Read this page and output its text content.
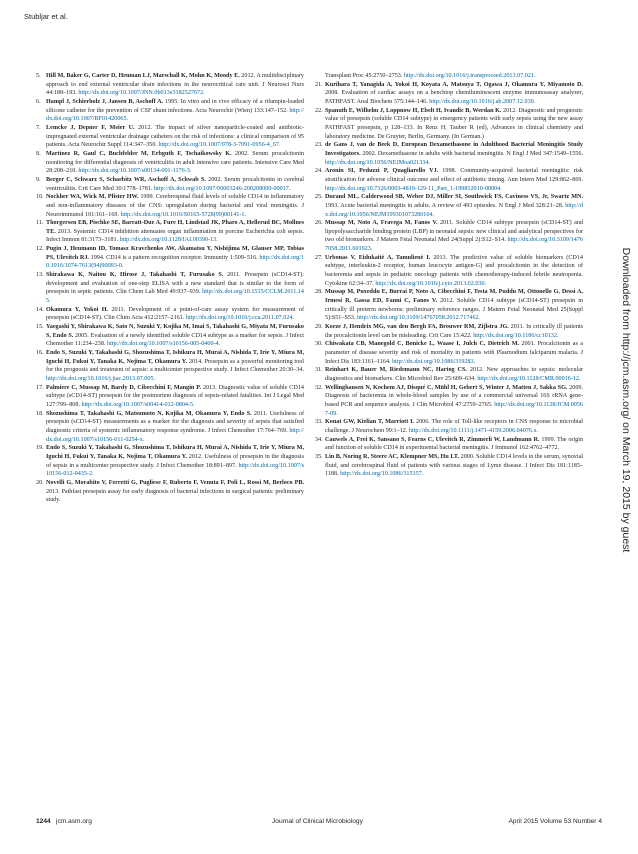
Stubljar et al.

5. Hill M, Baker G, Carter D, Henman LJ, Marschall K, Mohn K, Moody E. 2012. A multidisciplinary approach to end external ventricular drain infections in the neurocritical care unit. J Neurosci Nurs 44:188–193. http://dx.doi.org/10.1097/JNN.0b013e3182527672.

6. Hampl J, Schierholz J, Jansen B, Aschoff A. 1995. In vitro and in vivo efficacy of a rifampin-loaded silicone catheter for the prevention of CSF shunt infections. Acta Neurochir (Wien) 133:147–152. http://dx.doi.org/10.1007/BF01420065.

7. Lemcke J, Depner F, Meier U. 2012. The impact of silver nanoparticle-coated and antibiotic-impregnated external ventricular drainage catheters on the risk of infections: a clinical comparison of 95 patients. Acta Neurochir Suppl 114:347–350. http://dx.doi.org/10.1007/978-3-7091-0956-4_67.

8. Martínez R, Gaul C, Buchfelder M, Erbguth F, Tschaikowsky K. 2002. Serum procalcitonin monitoring for differential diagnosis of ventriculitis in adult intensive care patients. Intensive Care Med 28:208–210. http://dx.doi.org/10.1007/s00134-001-1176-3.

9. Berger C, Schwarz S, Schaebitz WR, Aschoff A, Schwab S. 2002. Serum procalcitonin in cerebral ventriculitis. Crit Care Med 30:1778–1781. http://dx.doi.org/10.1097/00003246-200208000-00017.

10. Nockher WA, Wick M, Pfister HW. 1999. Cerebrospinal fluid levels of soluble CD14 in inflammatory and non-inflammatory diseases of the CNS: upregulation during bacterial and viral meningitis. J Neuroimmunol 101:161–169. http://dx.doi.org/10.1016/S0165-5728(99)00141-1.

11. Thorgersen EB, Pischke SE, Barratt-Due A, Fure H, Lindstad JK, Pharo A, Hellerud BC, Mollnes TE. 2013. Systemic CD14 inhibition attenuates organ inflammation in porcine Escherichia coli sepsis. Infect Immun 81:3173–3181. http://dx.doi.org/10.1128/IAI.00390-13.

12. Pugin J, Heumann ID, Tomasz Kravchenko AW, Akamatsu Y, Nishijima M, Glauser MP, Tobias PS, Ulevitch RJ. 1994. CD14 is a pattern recognition receptor. Immunity 1:509–516. http://dx.doi.org/10.1016/1074-7613(94)90093-0.

13. Shirakawa K, Naitou K, Hirose J, Takahashi T, Furusako S. 2011. Presepsin (sCD14-ST): development and evaluation of one-step ELISA with a new standard that is similar to the form of presepsin in septic patients. Clin Chem Lab Med 49:937–939. http://dx.doi.org/10.1515/CCLM.2011.145.

14. Okamura Y, Yokoi H. 2011. Development of a point-of-care assay system for measurement of presepsin (sCD14-ST). Clin Chim Acta 412:2157–2161. http://dx.doi.org/10.1016/j.cca.2011.07.024.

15. Yaegashi Y, Shirakawa K, Sato N, Suzuki Y, Kojika M, Imai S, Takahashi G, Miyata M, Furusako S, Endo S. 2005. Evaluation of a newly identified soluble CD14 subtype as a marker for sepsis. J Infect Chemother 11:234–238. http://dx.doi.org/10.1007/s10156-005-0400-4.

16. Endo S, Suzuki Y, Takahashi G, Shozushima T, Ishikura H, Murai A, Nishida T, Irie Y, Miura M, Iguchi H, Fukui Y, Tanaka K, Nojima T, Okamura Y. 2014. Presepsin as a powerful monitoring tool for the prognosis and treatment of sepsis: a multicenter prospective study. J Infect Chemother 20:30–34. http://dx.doi.org/10.1016/j.jiac.2013.07.005.

17. Palmiere C, Mussap M, Bardy D, Cibecchini F, Mangin P. 2013. Diagnostic value of soluble CD14 subtype (sCD14-ST) presepsin for the postmortem diagnosis of sepsis-related fatalities. Int J Legal Med 127:799–808. http://dx.doi.org/10.1007/s00414-012-0804-5.

18. Shozushima T, Takahashi G, Matsumoto N, Kojika M, Okamura Y, Endo S. 2011. Usefulness of presepsin (sCD14-ST) measurements as a marker for the diagnosis and severity of sepsis that satisfied diagnostic criteria of systemic inflammatory response syndrome. J Infect Chemother 17:764–769. http://dx.doi.org/10.1007/s10156-011-0254-x.

19. Endo S, Suzuki Y, Takahashi G, Shozushima T, Ishikura H, Murai A, Nishida T, Irie Y, Miura M, Iguchi H, Fukui Y, Tanaka K, Nojima T, Okamura Y. 2012. Usefulness of presepsin in the diagnosis of sepsis in a multicenter prospective study. J Infect Chemother 18:891–897. http://dx.doi.org/10.1007/s10156-012-0435-2.

20. Novelli G, Morabito V, Ferretti G, Pugliese F, Ruberto F, Venuta F, Poli L, Rossi M, Berloco PB. 2013. Pathfast presepsin assay for early diagnosis of bacterial infections in surgical patients: preliminary study.

Transplant Proc 45:2750–2753. http://dx.doi.org/10.1016/j.transproceed.2013.07.021.

21. Kurihara T, Yanagida A, Yokoi H, Koyata A, Matsuya T, Ogawa J, Okamura Y, Miyamoto D. 2008. Evaluation of cardiac assays on a benchtop chemiluminescent enzyme immunoassay analyzer, PATHFAST. Anal Biochem 375:144–146. http://dx.doi.org/10.1016/j.ab.2007.12.030.

22. Spanuth E, Wilhelm J, Loppnow H, Ebelt H, Ivandic B, Werdan K. 2012. Diagnostic and prognostic value of presepsin (soluble CD14 subtype) in emergency patients with early sepsis using the new assay PATHFAST presepsin, p 128–133. In Renz H, Tauber R (ed), Advances in clinical chemistry and laboratory medicine. De Gruyter, Berlin, Germany. (In German.)

23. de Gans J, van de Beek D, European Dexamethasone in Adulthood Bacterial Meningitis Study Investigators. 2002. Dexamethasone in adults with bacterial meningitis. N Engl J Med 347:1549–1556. http://dx.doi.org/10.1056/NEJMoa021334.

24. Aronin SI, Peduzzi P, Quagliarello VJ. 1998. Community-acquired bacterial meningitis: risk stratification for adverse clinical outcome and effect of antibiotic timing. Ann Intern Med 129:862–869. http://dx.doi.org/10.7326/0003-4819-129-11_Part_1-199812010-00004.

25. Durand ML, Calderwood SB, Weber DJ, Miller SI, Southwick FS, Caviness VS, Jr, Swartz MN. 1993. Acute bacterial meningitis in adults. A review of 493 episodes. N Engl J Med 328:21–28. http://dx.doi.org/10.1056/NEJM199301073280104.

26. Mussap M, Noto A, Fravega M, Fanos V. 2011. Soluble CD14 subtype presepsin (sCD14-ST) and lipopolysaccharide binding protein (LBP) in neonatal sepsis: new clinical and analytical perspectives for two old biomarkers. J Matern Fetal Neonatal Med 24(Suppl 2):S12–S14. http://dx.doi.org/10.3109/14767058.2011.601923.

27. Urbonas V, Eidukaitė A, Tamulienė I. 2013. The predictive value of soluble biomarkers (CD14 subtype, interleukin-2 receptor, human leucocyte antigen-G) and procalcitonin in the detection of bacteremia and sepsis in pediatric oncology patients with chemotherapy-induced febrile neutropenia. Cytokine 62:34–37. http://dx.doi.org/10.1016/j.cyto.2013.02.030.

28. Mussap M, Puxeddu E, Burrai P, Noto A, Cibecchini F, Testa M, Puddu M, Ottonello G, Dessì A, Irmesi R, Gassa ED, Fanni C, Fanos V. 2012. Soluble CD14 subtype (sCD14-ST) presepsin in critically ill preterm newborns: preliminary reference ranges. J Matern Fetal Neonatal Med 25(Suppl 5):S51–S53. http://dx.doi.org/10.3109/14767058.2012.717462.

29. Koeze J, Hendrix MG, van den Bergh FA, Brouwer RM, Zijlstra JG. 2011. In critically ill patients the procalcitonin level can be misleading. Crit Care 15:422. http://dx.doi.org/10.1186/cc10132.

30. Chiwakata CB, Manegold C, Bonicke L, Waase I, Julch C, Dietrich M. 2001. Procalcitonin as a parameter of disease severity and risk of mortality in patients with Plasmodium falciparum malaria. J Infect Dis 183:1161–1164. http://dx.doi.org/10.1086/319283.

31. Reinhart K, Bauer M, Riedemann NC, Hartog CS. 2012. New approaches to sepsis: molecular diagnostics and biomarkers. Clin Microbiol Rev 25:609–634. http://dx.doi.org/10.1128/CMR.00016-12.

32. Wellinghausen N, Kochem AJ, Disqué C, Mühl H, Gebert S, Winter J, Matten J, Sakka SG. 2009. Diagnosis of bacteremia in whole-blood samples by use of a commercial universal 16S rRNA gene-based PCR and sequence analysis. J Clin Microbiol 47:2759–2765. http://dx.doi.org/10.1128/JCM.00567-09.

33. Konat GW, Kielian T, Marriott I. 2006. The role of Toll-like receptors in CNS response to microbial challenge. J Neurochem 99:1–12. http://dx.doi.org/10.1111/j.1471-4159.2006.04076.x.

34. Cauwels A, Frei K, Sansano S, Fearns C, Ulevitch R, Zimmerli W, Landmann R. 1999. The origin and function of soluble CD14 in experimental bacterial meningitis. J Immunol 162:4762–4772.

35. Lin B, Noring R, Steere AC, Klempner MS, Hu LT. 2000. Soluble CD14 levels in the serum, synovial fluid, and cerebrospinal fluid of patients with various stages of Lyme disease. J Infect Dis 181:1185–1188. http://dx.doi.org/10.1086/315357.	Downloaded from http://jcm.asm.org/ on March 19, 2015 by guest
1244 jcm.asm.org	Journal of Clinical Microbiology	April 2015 Volume 53 Number 4
